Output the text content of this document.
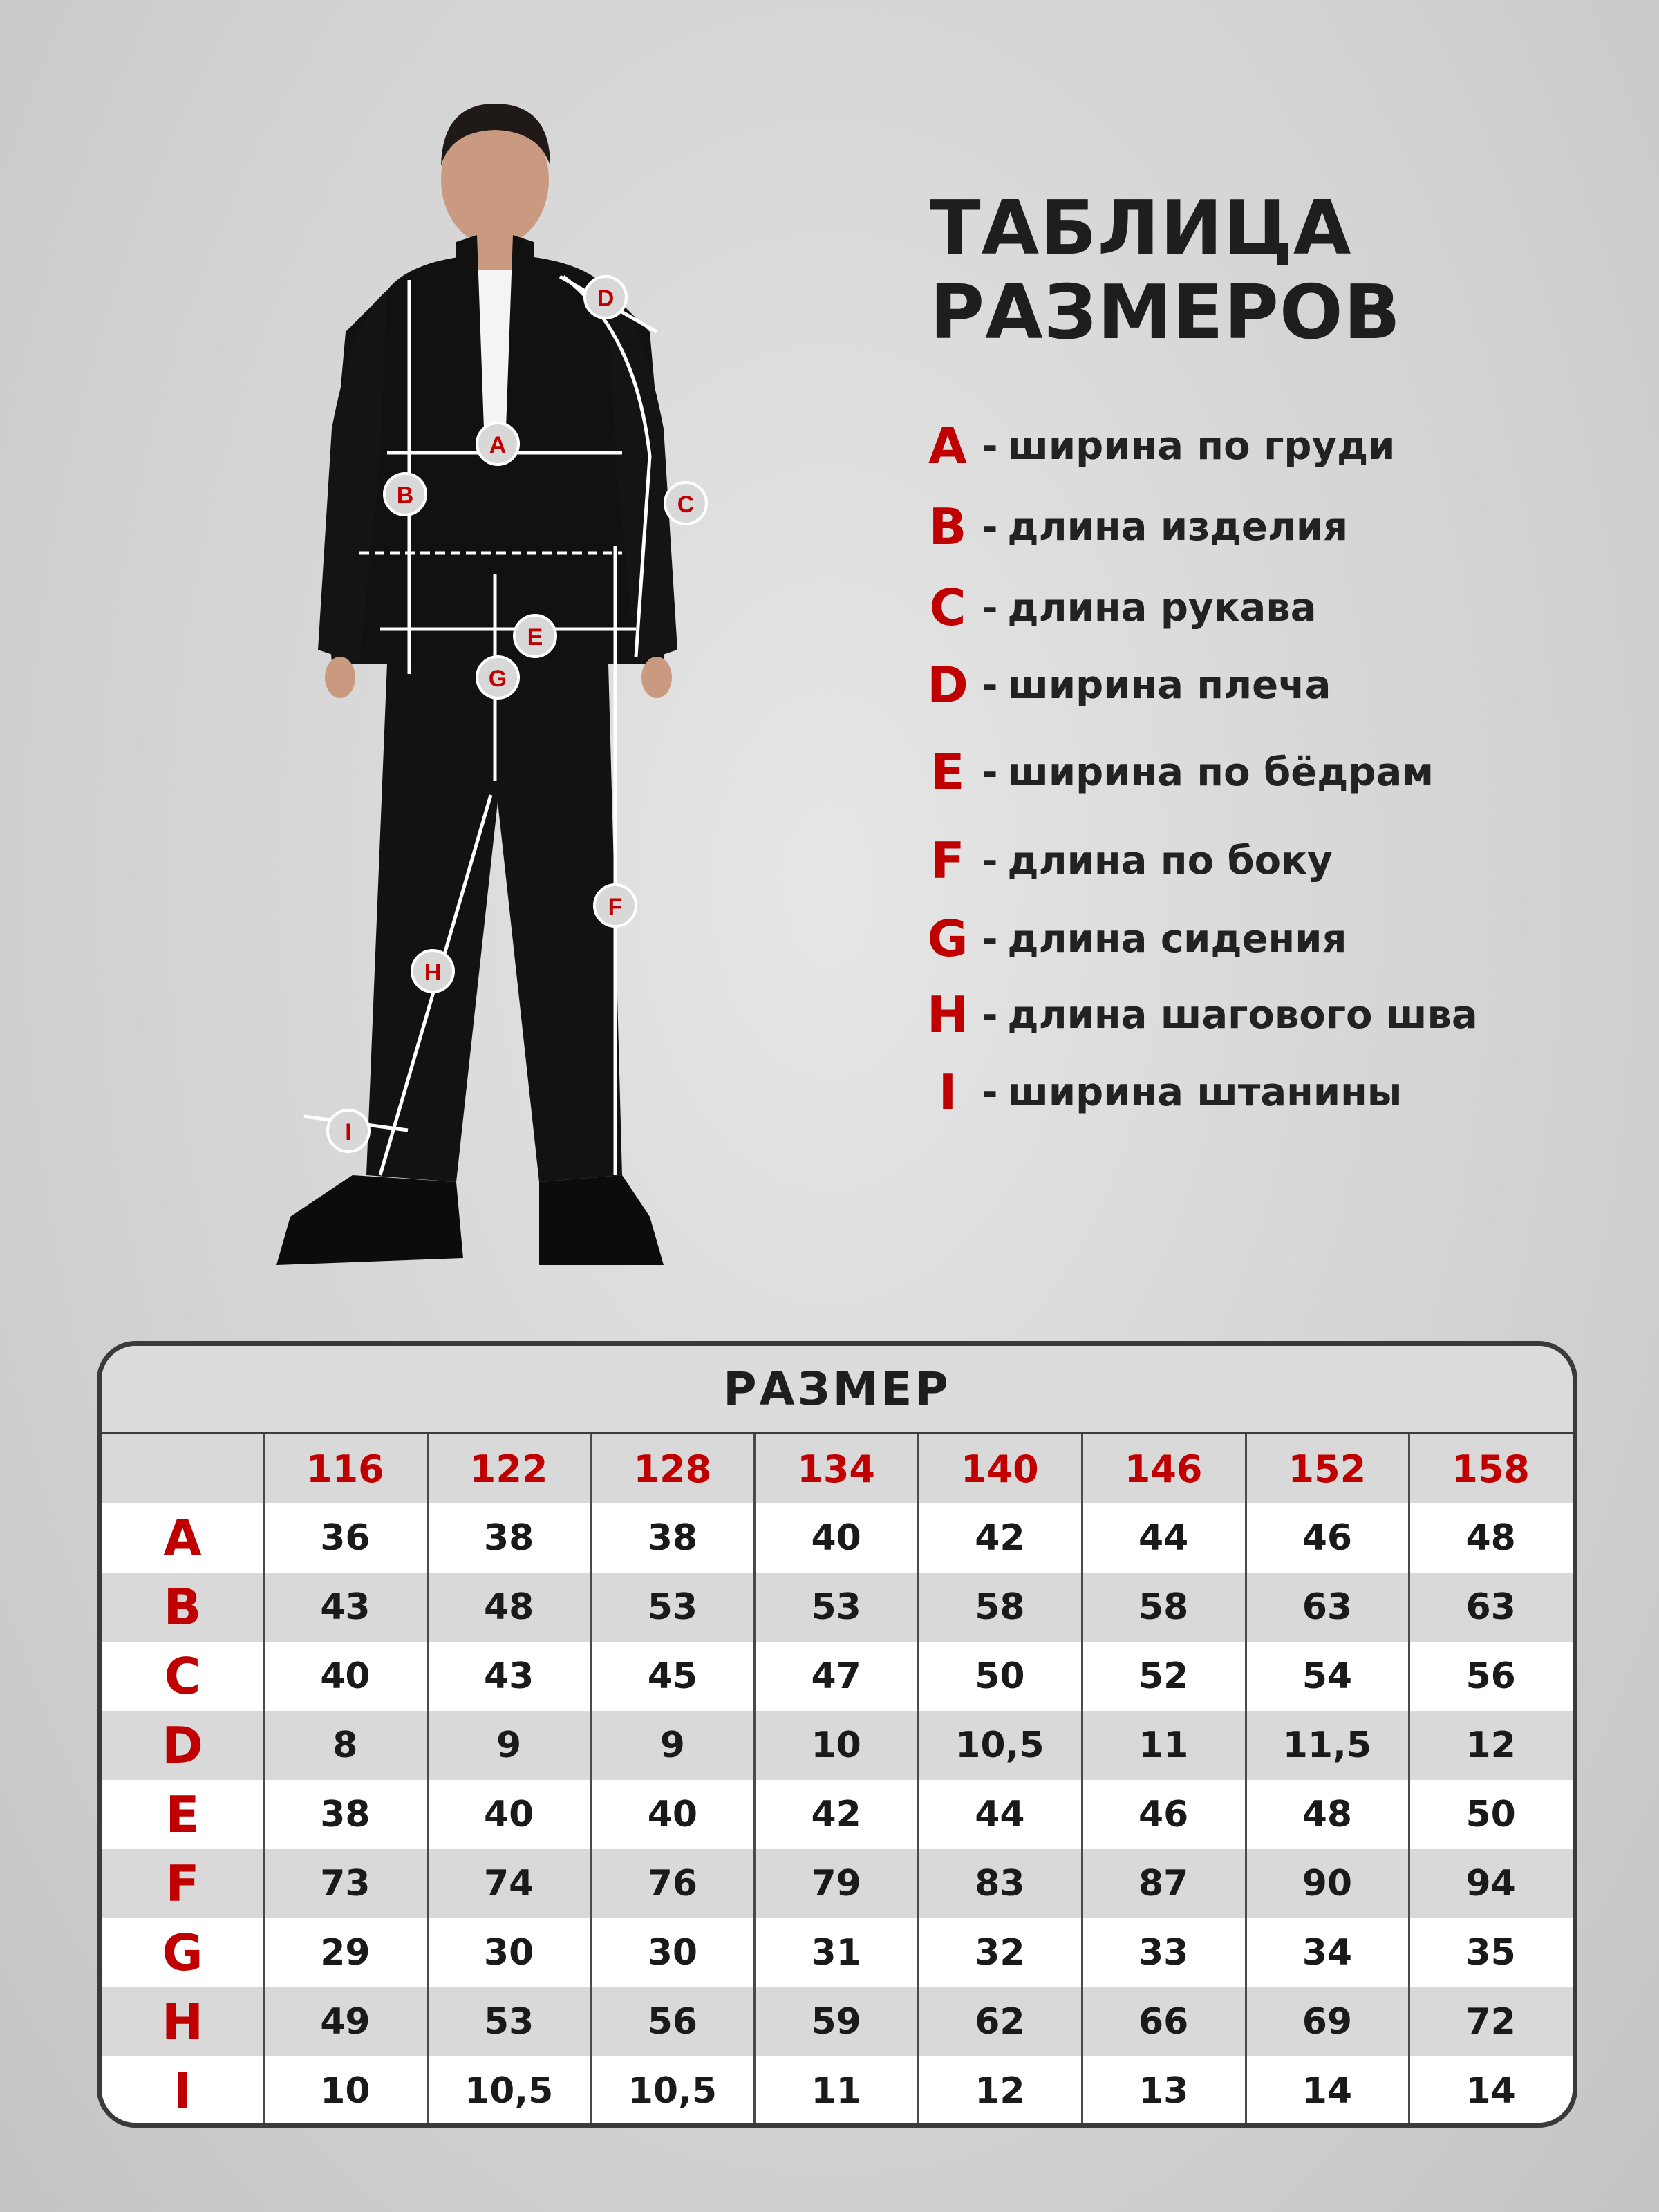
A
B	C
D
E
F
G
H
I
ТАБЛИЦА
РАЗМЕРОВ
A - ширина по груди
B - длина изделия
C - длина рукава
D - ширина плеча
E - ширина по бёдрам
F - длина по боку
G - длина сидения
H - длина шагового шва
I - ширина штанины
РАЗМЕР
116	122	128	134	140	146	152	158
A	36	38	38	40	42	44	46	48
B	43	48	53	53	58	58	63	63
C	40	43	45	47	50	52	54	56
D	8	9	9	10	10,5	11	11,5	12
E	38	40	40	42	44	46	48	50
F	73	74	76	79	83	87	90	94
G	29	30	30	31	32	33	34	35
H	49	53	56	59	62	66	69	72
I	10	10,5	10,5	11	12	13	14	14
